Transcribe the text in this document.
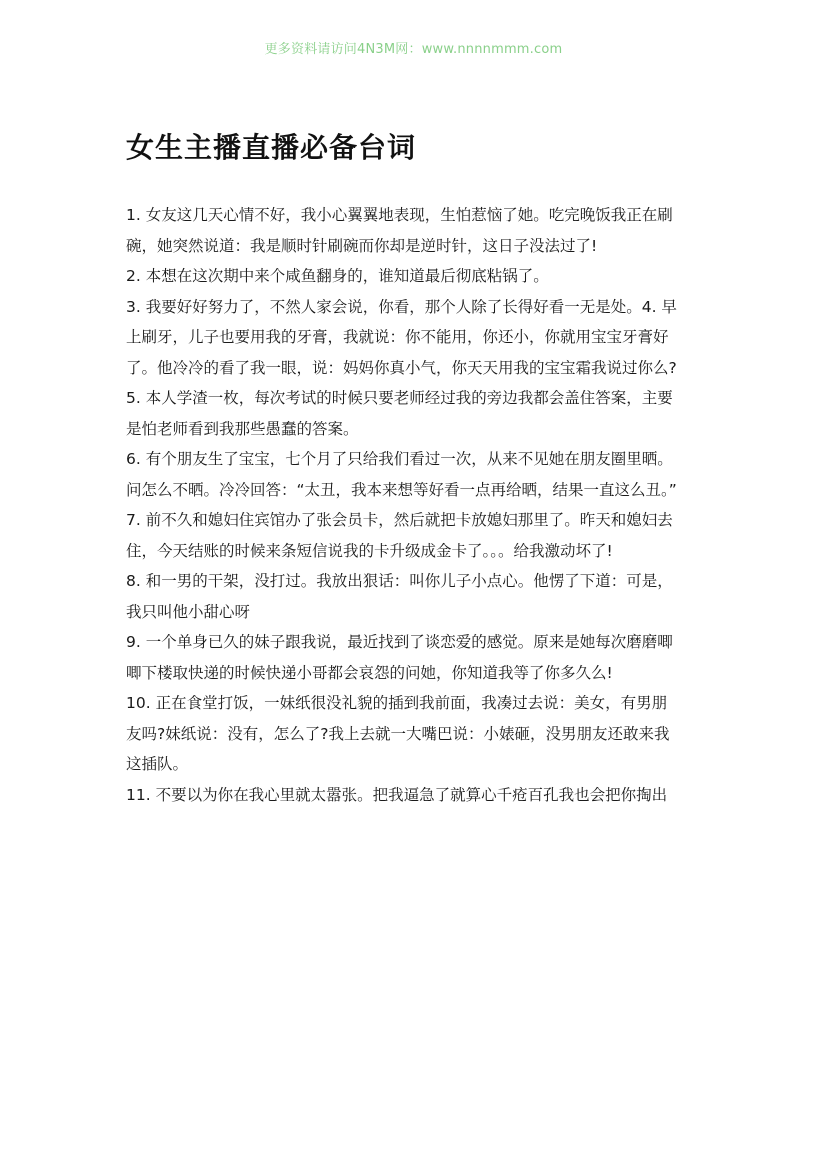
更多资料请访问4N3M网：www.nnnnmmm.com
女生主播直播必备台词

1. 女友这几天心情不好，我小心翼翼地表现，生怕惹恼了她。吃完晚饭我正在刷

碗，她突然说道：我是顺时针刷碗而你却是逆时针，这日子没法过了!

2. 本想在这次期中来个咸鱼翻身的，谁知道最后彻底粘锅了。

3. 我要好好努力了，不然人家会说，你看，那个人除了长得好看一无是处。4. 早

上刷牙，儿子也要用我的牙膏，我就说：你不能用，你还小，你就用宝宝牙膏好

了。他冷冷的看了我一眼，说：妈妈你真小气，你天天用我的宝宝霜我说过你么?

5. 本人学渣一枚，每次考试的时候只要老师经过我的旁边我都会盖住答案，主要

是怕老师看到我那些愚蠢的答案。

6. 有个朋友生了宝宝，七个月了只给我们看过一次，从来不见她在朋友圈里晒。

问怎么不晒。冷冷回答：“太丑，我本来想等好看一点再给晒，结果一直这么丑。”

7. 前不久和媳妇住宾馆办了张会员卡，然后就把卡放媳妇那里了。昨天和媳妇去

住，今天结账的时候来条短信说我的卡升级成金卡了。。。给我激动坏了!

8. 和一男的干架，没打过。我放出狠话：叫你儿子小点心。他愣了下道：可是，

我只叫他小甜心呀

9. 一个单身已久的妹子跟我说，最近找到了谈恋爱的感觉。原来是她每次磨磨唧

唧下楼取快递的时候快递小哥都会哀怨的问她，你知道我等了你多久么!

10. 正在食堂打饭，一妹纸很没礼貌的插到我前面，我凑过去说：美女，有男朋

友吗?妹纸说：没有，怎么了?我上去就一大嘴巴说：小婊砸，没男朋友还敢来我

这插队。

11. 不要以为你在我心里就太嚣张。把我逼急了就算心千疮百孔我也会把你掏出
